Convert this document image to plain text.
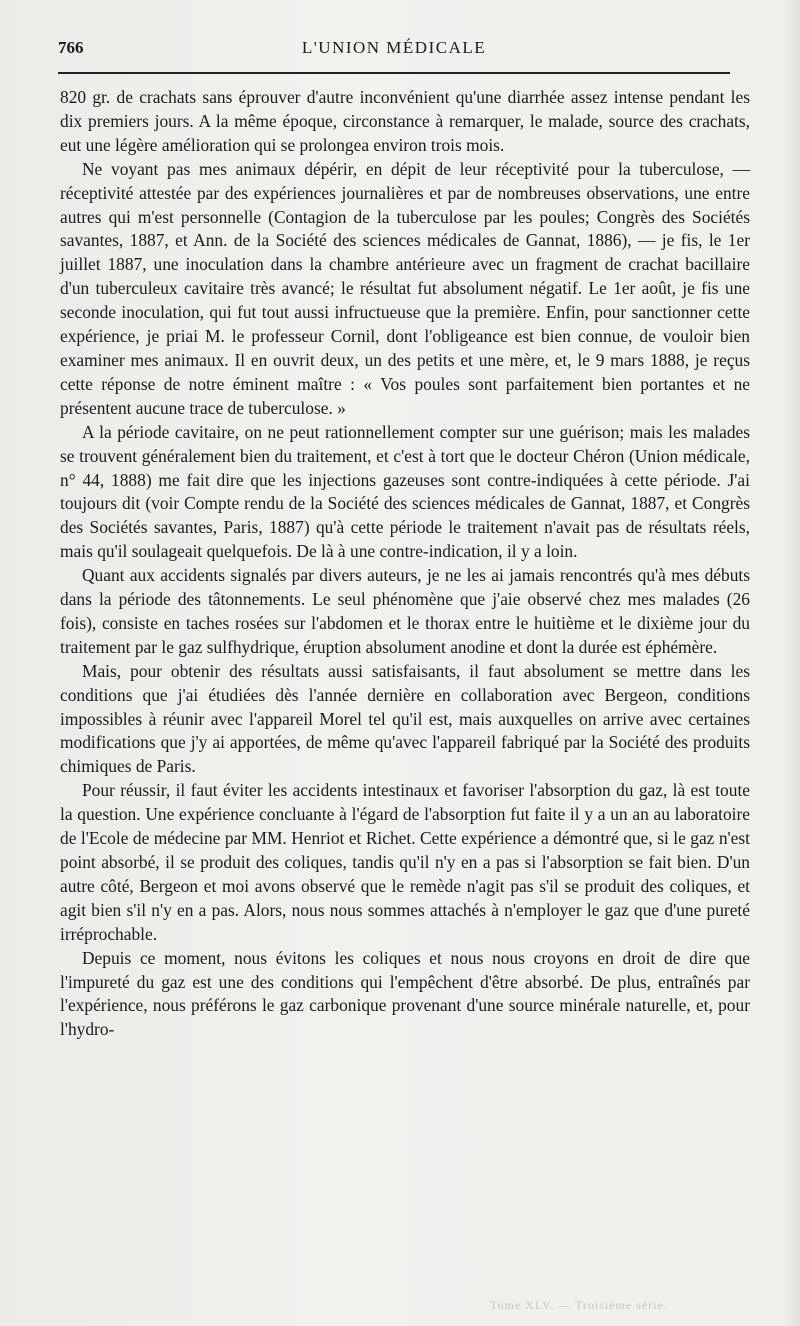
766	L'UNION MÉDICALE

820 gr. de crachats sans éprouver d'autre inconvénient qu'une diarrhée assez intense pendant les dix premiers jours. A la même époque, circonstance à remarquer, le malade, source des crachats, eut une légère amélioration qui se prolongea environ trois mois.

Ne voyant pas mes animaux dépérir, en dépit de leur réceptivité pour la tuberculose, — réceptivité attestée par des expériences journalières et par de nombreuses observations, une entre autres qui m'est personnelle (Contagion de la tuberculose par les poules; Congrès des Sociétés savantes, 1887, et Ann. de la Société des sciences médicales de Gannat, 1886), — je fis, le 1er juillet 1887, une inoculation dans la chambre antérieure avec un fragment de crachat bacillaire d'un tuberculeux cavitaire très avancé; le résultat fut absolument négatif. Le 1er août, je fis une seconde inoculation, qui fut tout aussi infructueuse que la première. Enfin, pour sanctionner cette expérience, je priai M. le professeur Cornil, dont l'obligeance est bien connue, de vouloir bien examiner mes animaux. Il en ouvrit deux, un des petits et une mère, et, le 9 mars 1888, je reçus cette réponse de notre éminent maître : « Vos poules sont parfaitement bien portantes et ne présentent aucune trace de tuberculose. »

A la période cavitaire, on ne peut rationnellement compter sur une guérison; mais les malades se trouvent généralement bien du traitement, et c'est à tort que le docteur Chéron (Union médicale, n° 44, 1888) me fait dire que les injections gazeuses sont contre-indiquées à cette période. J'ai toujours dit (voir Compte rendu de la Société des sciences médicales de Gannat, 1887, et Congrès des Sociétés savantes, Paris, 1887) qu'à cette période le traitement n'avait pas de résultats réels, mais qu'il soulageait quelquefois. De là à une contre-indication, il y a loin.

Quant aux accidents signalés par divers auteurs, je ne les ai jamais rencontrés qu'à mes débuts dans la période des tâtonnements. Le seul phénomène que j'aie observé chez mes malades (26 fois), consiste en taches rosées sur l'abdomen et le thorax entre le huitième et le dixième jour du traitement par le gaz sulfhydrique, éruption absolument anodine et dont la durée est éphémère.

Mais, pour obtenir des résultats aussi satisfaisants, il faut absolument se mettre dans les conditions que j'ai étudiées dès l'année dernière en collaboration avec Bergeon, conditions impossibles à réunir avec l'appareil Morel tel qu'il est, mais auxquelles on arrive avec certaines modifications que j'y ai apportées, de même qu'avec l'appareil fabriqué par la Société des produits chimiques de Paris.

Pour réussir, il faut éviter les accidents intestinaux et favoriser l'absorption du gaz, là est toute la question. Une expérience concluante à l'égard de l'absorption fut faite il y a un an au laboratoire de l'Ecole de médecine par MM. Henriot et Richet. Cette expérience a démontré que, si le gaz n'est point absorbé, il se produit des coliques, tandis qu'il n'y en a pas si l'absorption se fait bien. D'un autre côté, Bergeon et moi avons observé que le remède n'agit pas s'il se produit des coliques, et agit bien s'il n'y en a pas. Alors, nous nous sommes attachés à n'employer le gaz que d'une pureté irréprochable.

Depuis ce moment, nous évitons les coliques et nous nous croyons en droit de dire que l'impureté du gaz est une des conditions qui l'empêchent d'être absorbé. De plus, entraînés par l'expérience, nous préférons le gaz carbonique provenant d'une source minérale naturelle, et, pour l'hydro-

Tome XLV. — Troisième série.
